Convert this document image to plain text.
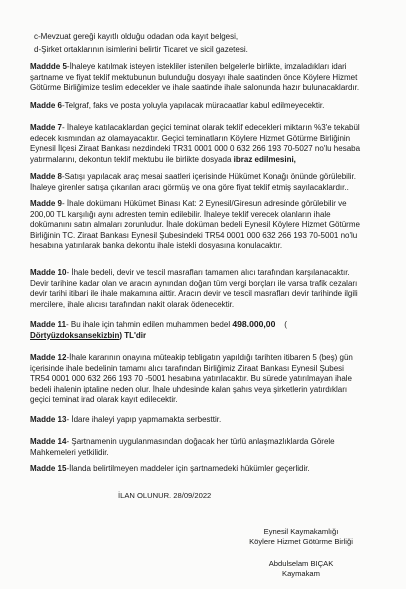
c-Mevzuat gereği kayıtlı olduğu odadan oda kayıt belgesi,
d-Şirket ortaklarının isimlerini belirtir Ticaret ve sicil gazetesi.
Maddde 5-İhaleye katılmak isteyen istekliler istenilen belgelerle birlikte, imzaladıkları idari
şartname ve fiyat teklif mektubunun bulunduğu dosyayı ihale saatinden önce Köylere Hizmet
Götürme Birliğimize teslim edecekler ve ihale saatinde ihale salonunda hazır bulunacaklardır.
Madde 6-Telgraf, faks ve posta yoluyla yapılacak müracaatlar kabul edilmeyecektir.
Madde 7- İhaleye katılacaklardan geçici teminat olarak teklif edecekleri miktarın %3'e tekabül
edecek kısmından az olamayacaktır. Geçici teminatların Köylere Hizmet Götürme Birliğinin
Eynesil İlçesi Ziraat Bankası nezdindeki TR31 0001 000 0 632 266 193 70-5027 no'lu hesaba
yatırmalarını, dekontun teklif mektubu ile birlikte dosyada ibraz edilmesini,
Madde 8-Satışı yapılacak araç mesai saatleri içerisinde Hükümet Konağı önünde görülebilir.
İhaleye girenler satışa çıkarılan aracı görmüş ve ona göre fiyat teklif etmiş sayılacaklardır..
Madde 9- İhale dokümanı Hükümet Binası Kat: 2 Eynesil/Giresun adresinde görülebilir ve
200,00 TL karşılığı aynı adresten temin edilebilir. İhaleye teklif verecek olanların ihale
dokümanını satın almaları zorunludur. İhale doküman bedeli Eynesil Köylere Hizmet Götürme
Birliğinin TC. Ziraat Bankası Eynesil Şubesindeki TR54 0001 000 632 266 193 70-5001 no'lu
hesabına yatırılarak banka dekontu ihale istekli dosyasına konulacaktır.
Madde 10- İhale bedeli, devir ve tescil masrafları tamamen alıcı tarafından karşılanacaktır.
Devir tarihine kadar olan ve aracın aynından doğan tüm vergi borçları ile varsa trafik cezaları
devir tarihi itibari ile ihale makamına aittir. Aracın devir ve tescil masrafları devir tarihinde ilgili
mercilere, ihale alıcısı tarafından nakit olarak ödenecektir.
Madde 11- Bu ihale için tahmin edilen muhammen bedel 498.000,00 (
Dörtyüzdoksansekizbin) TL'dir
Madde 12-İhale kararının onayına müteakip tebligatın yapıldığı tarihten itibaren 5 (beş) gün
içerisinde ihale bedelinin tamamı alıcı tarafından Birliğimiz Ziraat Bankası Eynesil Şubesi
TR54 0001 000 632 266 193 70 -5001 hesabına yatırılacaktır. Bu sürede yatırılmayan ihale
bedeli ihalenin iptaline neden olur. İhale uhdesinde kalan şahıs veya şirketlerin yatırdıkları
geçici teminat irad olarak kayıt edilecektir.
Madde 13- İdare ihaleyi yapıp yapmamakta serbesttir.
Madde 14- Şartnamenin uygulanmasından doğacak her türlü anlaşmazlıklarda Görele
Mahkemeleri yetkilidir.
Madde 15-İlanda belirtilmeyen maddeler için şartnamedeki hükümler geçerlidir.
İLAN OLUNUR. 28/09/2022
Eynesil Kaymakamlığı
Köylere Hizmet Götürme Birliği
Abdulselam BIÇAK
Kaymakam
